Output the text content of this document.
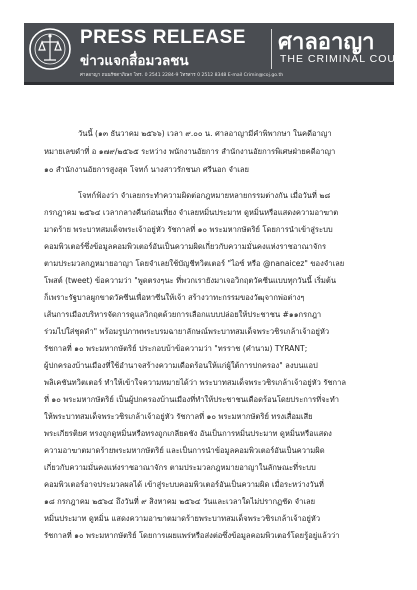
PRESS RELEASE
ข่าวแจกสื่อมวลชน
ศาลอาญา
THE CRIMINAL COURT
ศาลอาญา ถนนรัชดาภิเษก โทร. 0 2541 2284-9 โทรสาร 0 2512 8348 E-mail Crimin@coj.go.th
วันนี้ (๑๓ ธันวาคม ๒๕๖๖) เวลา ๙.๐๐ น. ศาลอาญามีคำพิพากษา ในคดีอาญา
หมายเลขดำที่ อ ๑๗๙/๒๕๖๕ ระหว่าง พนักงานอัยการ สำนักงานอัยการพิเศษฝ่ายคดีอาญา
๑๐ สำนักงานอัยการสูงสุด โจทก์ นางสาวรักชนก ศรีนอก จำเลย
โจทก์ฟ้องว่า จำเลยกระทำความผิดต่อกฎหมายหลายกรรมต่างกัน เมื่อวันที่ ๒๘
กรกฎาคม ๒๕๖๔ เวลากลางคืนก่อนเที่ยง จำเลยหมิ่นประมาท ดูหมิ่นหรือแสดงความอาฆาต
มาดร้าย พระบาทสมเด็จพระเจ้าอยู่หัว รัชกาลที่ ๑๐ พระมหากษัตริย์ โดยการนำเข้าสู่ระบบ
คอมพิวเตอร์ซึ่งข้อมูลคอมพิวเตอร์อันเป็นความผิดเกี่ยวกับความมั่นคงแห่งราชอาณาจักร
ตามประมวลกฎหมายอาญา โดยจำเลยใช้บัญชีทวิตเตอร์ "ไอซ์ หรือ @nanaicez" ของจำเลย
โพสต์ (tweet) ข้อความว่า "พูดตรงๆนะ ที่พวกเรายังมาเจอวิกฤตวัคซีนแบบทุกวันนี้ เริ่มต้น
ก็เพราะรัฐบาลผูกขาดวัคซีนเพื่อหาซีนให้เจ้า สร้างวาทะกรรมของวัฒุจากพ่อต่างๆ
เส้นการเมืองบริหารจัดการดูแลวิกฤตด้วยการเลือกแบบปล่อยให้ประชาชน #๑๑กรกฎา
ร่วมไปใส่ชุดดำ" พร้อมรูปภาพพระบรมฉายาลักษณ์พระบาทสมเด็จพระวชิรเกล้าเจ้าอยู่หัว
รัชกาลที่ ๑๐ พระมหากษัตริย์ ประกอบบ้าข้อความว่า "ทรราช (คำนาม) TYRANT;
ผู้ปกครองบ้านเมืองที่ใช้อำนาจสร้างความเดือดร้อนให้แก่ผู้ใต้การปกครอง" ลงบนแอป
พลิเคชันทวิตเตอร์ ทำให้เข้าใจความหมายได้ว่า พระบาทสมเด็จพระวชิรเกล้าเจ้าอยู่หัว รัชกาล
ที่ ๑๐ พระมหากษัตริย์ เป็นผู้ปกครองบ้านเมืองที่ทำให้ประชาชนเดือดร้อนโดยประการที่จะทำ
ให้พระบาทสมเด็จพระวชิรเกล้าเจ้าอยู่หัว รัชกาลที่ ๑๐ พระมหากษัตริย์ ทรงเสื่อมเสีย
พระเกียรติยศ ทรงถูกดูหมิ่นหรือทรงถูกเกลียดชัง อันเป็นการหมิ่นประมาท ดูหมิ่นหรือแสดง
ความอาฆาตมาดร้ายพระมหากษัตริย์ และเป็นการนำข้อมูลคอมพิวเตอร์อันเป็นความผิด
เกี่ยวกับความมั่นคงแห่งราชอาณาจักร ตามประมวลกฎหมายอาญาในลักษณะที่ระบบ
คอมพิวเตอร์อาจประมวลผลได้ เข้าสู่ระบบคอมพิวเตอร์อันเป็นความผิด เมื่อระหว่างวันที่
๑๘ กรกฎาคม ๒๕๖๔ ถึงวันที่ ๙ สิงหาคม ๒๕๖๔ วันและเวลาใดไม่ปรากฏชัด จำเลย
หมิ่นประมาท ดูหมิ่น แสดงความอาฆาตมาดร้ายพระบาทสมเด็จพระวชิรเกล้าเจ้าอยู่หัว
รัชกาลที่ ๑๐ พระมหากษัตริย์ โดยการเผยแพร่หรือส่งต่อซึ่งข้อมูลคอมพิวเตอร์โดยรู้อยู่แล้วว่า
